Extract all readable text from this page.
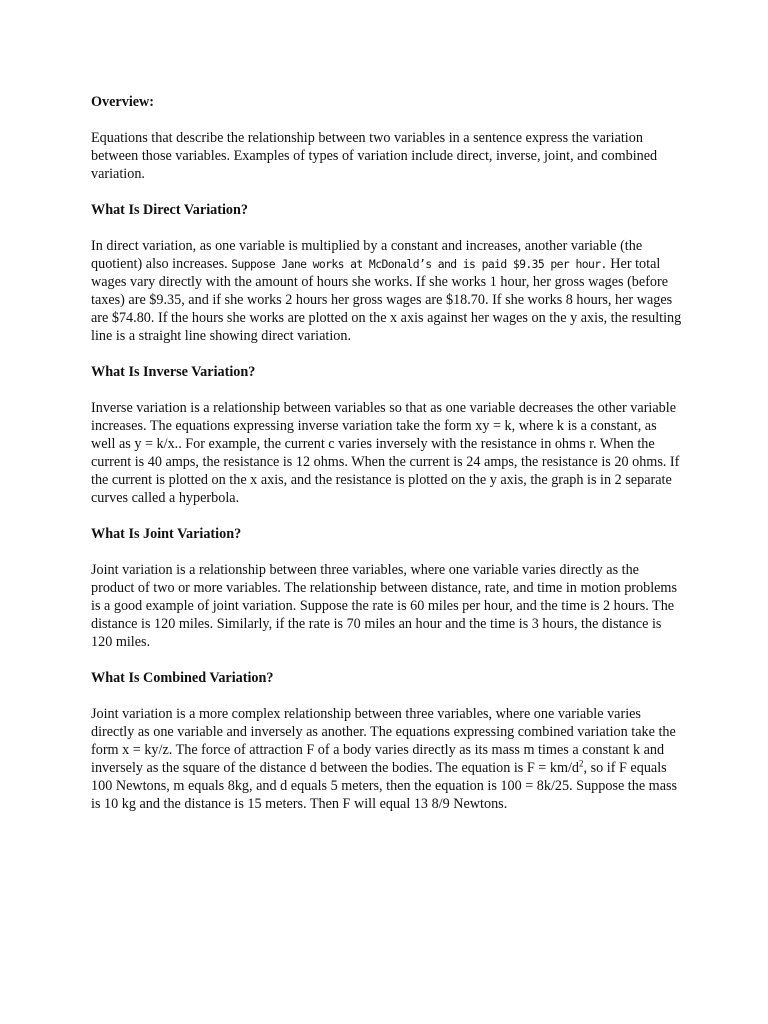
Overview:
Equations that describe the relationship between two variables in a sentence express the variation between those variables. Examples of types of variation include direct, inverse, joint, and combined variation.
What Is Direct Variation?
In direct variation, as one variable is multiplied by a constant and increases, another variable (the quotient) also increases. Suppose Jane works at McDonald’s and is paid $9.35 per hour. Her total wages vary directly with the amount of hours she works. If she works 1 hour, her gross wages (before taxes) are $9.35, and if she works 2 hours her gross wages are $18.70. If she works 8 hours, her wages are $74.80. If the hours she works are plotted on the x axis against her wages on the y axis, the resulting line is a straight line showing direct variation.
What Is Inverse Variation?
Inverse variation is a relationship between variables so that as one variable decreases the other variable increases. The equations expressing inverse variation take the form xy = k, where k is a constant, as well as y = k/x.. For example, the current c varies inversely with the resistance in ohms r. When the current is 40 amps, the resistance is 12 ohms. When the current is 24 amps, the resistance is 20 ohms. If the current is plotted on the x axis, and the resistance is plotted on the y axis, the graph is in 2 separate curves called a hyperbola.
What Is Joint Variation?
Joint variation is a relationship between three variables, where one variable varies directly as the product of two or more variables. The relationship between distance, rate, and time in motion problems is a good example of joint variation. Suppose the rate is 60 miles per hour, and the time is 2 hours. The distance is 120 miles. Similarly, if the rate is 70 miles an hour and the time is 3 hours, the distance is 120 miles.
What Is Combined Variation?
Joint variation is a more complex relationship between three variables, where one variable varies directly as one variable and inversely as another. The equations expressing combined variation take the form x = ky/z. The force of attraction F of a body varies directly as its mass m times a constant k and inversely as the square of the distance d between the bodies. The equation is $F = km/d^2$, so if F equals 100 Newtons, m equals 8kg, and d equals 5 meters, then the equation is 100 = 8k/25. Suppose the mass is 10 kg and the distance is 15 meters. Then F will equal 13 8/9 Newtons.
